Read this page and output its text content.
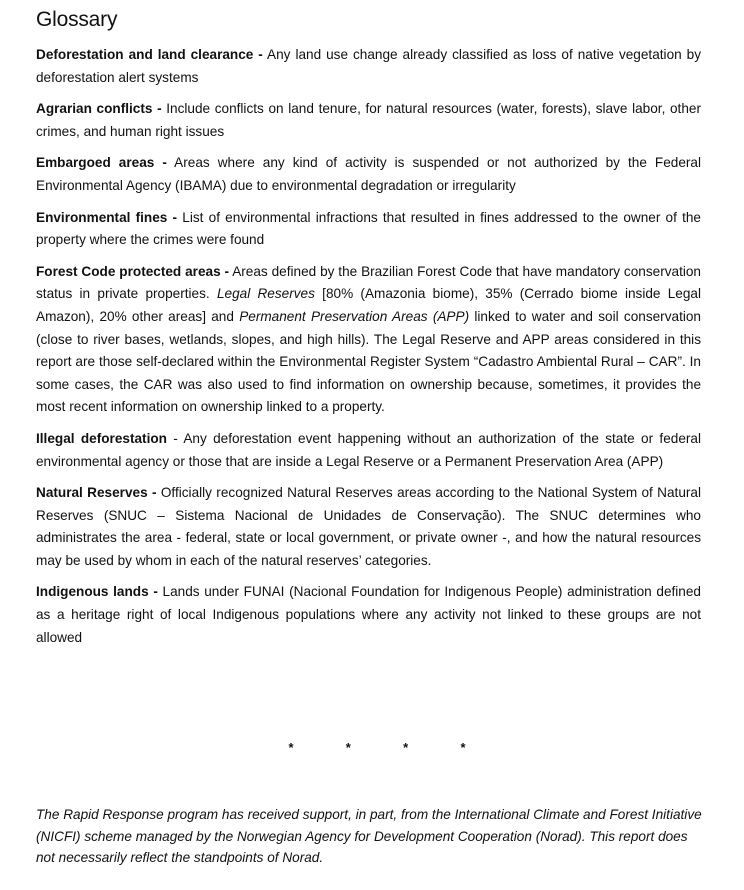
Glossary

Deforestation and land clearance - Any land use change already classified as loss of native vegetation by deforestation alert systems

Agrarian conflicts - Include conflicts on land tenure, for natural resources (water, forests), slave labor, other crimes, and human right issues

Embargoed areas - Areas where any kind of activity is suspended or not authorized by the Federal Environmental Agency (IBAMA) due to environmental degradation or irregularity

Environmental fines - List of environmental infractions that resulted in fines addressed to the owner of the property where the crimes were found

Forest Code protected areas - Areas defined by the Brazilian Forest Code that have mandatory conservation status in private properties. Legal Reserves [80% (Amazonia biome), 35% (Cerrado biome inside Legal Amazon), 20% other areas] and Permanent Preservation Areas (APP) linked to water and soil conservation (close to river bases, wetlands, slopes, and high hills). The Legal Reserve and APP areas considered in this report are those self-declared within the Environmental Register System “Cadastro Ambiental Rural – CAR”. In some cases, the CAR was also used to find information on ownership because, sometimes, it provides the most recent information on ownership linked to a property.

Illegal deforestation - Any deforestation event happening without an authorization of the state or federal environmental agency or those that are inside a Legal Reserve or a Permanent Preservation Area (APP)

Natural Reserves - Officially recognized Natural Reserves areas according to the National System of Natural Reserves (SNUC – Sistema Nacional de Unidades de Conservação). The SNUC determines who administrates the area - federal, state or local government, or private owner -, and how the natural resources may be used by whom in each of the natural reserves’ categories.

Indigenous lands - Lands under FUNAI (Nacional Foundation for Indigenous People) administration defined as a heritage right of local Indigenous populations where any activity not linked to these groups are not allowed

*	*	*	*
The Rapid Response program has received support, in part, from the International Climate and Forest Initiative (NICFI) scheme managed by the Norwegian Agency for Development Cooperation (Norad). This report does not necessarily reflect the standpoints of Norad.
